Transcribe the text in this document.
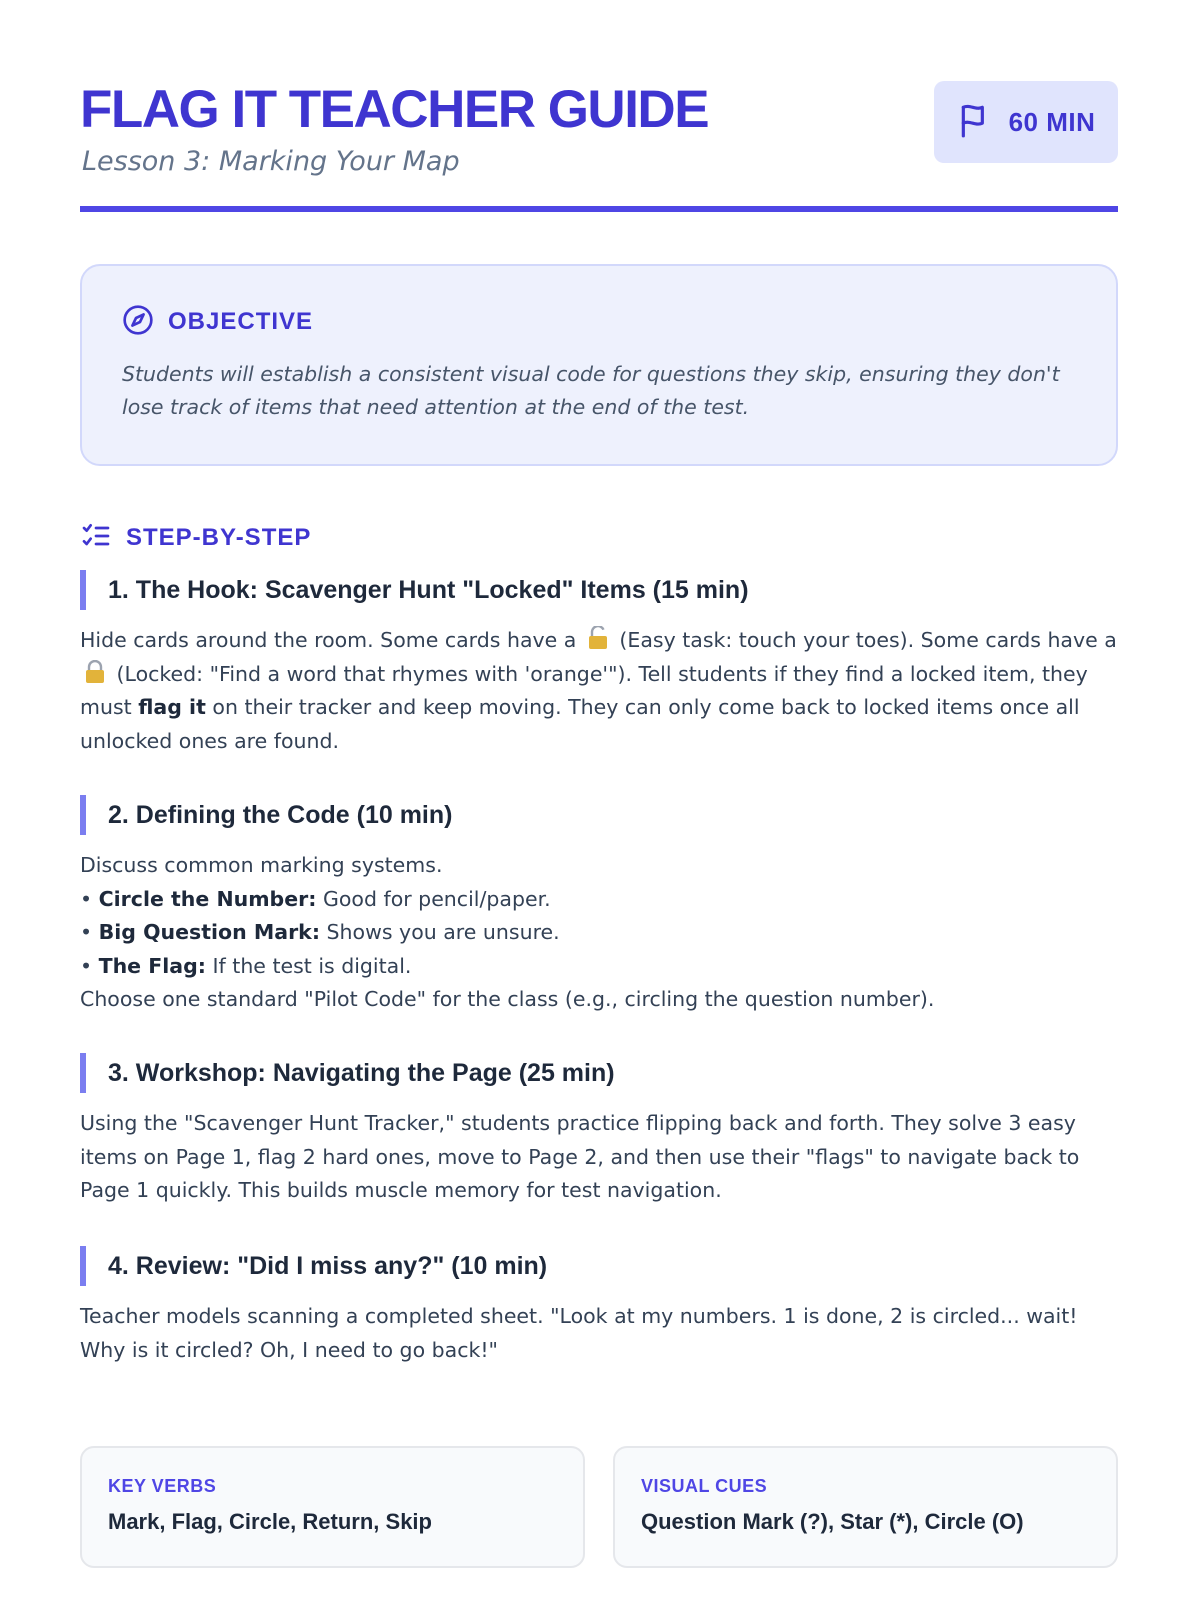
FLAG IT TEACHER GUIDE
Lesson 3: Marking Your Map
60 MIN
OBJECTIVE

Students will establish a consistent visual code for questions they skip, ensuring they don't lose track of items that need attention at the end of the test.

STEP-BY-STEP
1. The Hook: Scavenger Hunt "Locked" Items (15 min)

Hide cards around the room. Some cards have a (Easy task: touch your toes). Some cards have a  (Locked: "Find a word that rhymes with 'orange'"). Tell students if they find a locked item, they must flag it on their tracker and keep moving. They can only come back to locked items once all unlocked ones are found.

2. Defining the Code (10 min)
Discuss common marking systems.
• Circle the Number: Good for pencil/paper.
• Big Question Mark: Shows you are unsure.
• The Flag: If the test is digital.
Choose one standard "Pilot Code" for the class (e.g., circling the question number).
3. Workshop: Navigating the Page (25 min)

Using the "Scavenger Hunt Tracker," students practice flipping back and forth. They solve 3 easy items on Page 1, flag 2 hard ones, move to Page 2, and then use their "flags" to navigate back to Page 1 quickly. This builds muscle memory for test navigation.

4. Review: "Did I miss any?" (10 min)

Teacher models scanning a completed sheet. "Look at my numbers. 1 is done, 2 is circled... wait! Why is it circled? Oh, I need to go back!"

KEY VERBS
Mark, Flag, Circle, Return, Skip
VISUAL CUES
Question Mark (?), Star (*), Circle (O)
